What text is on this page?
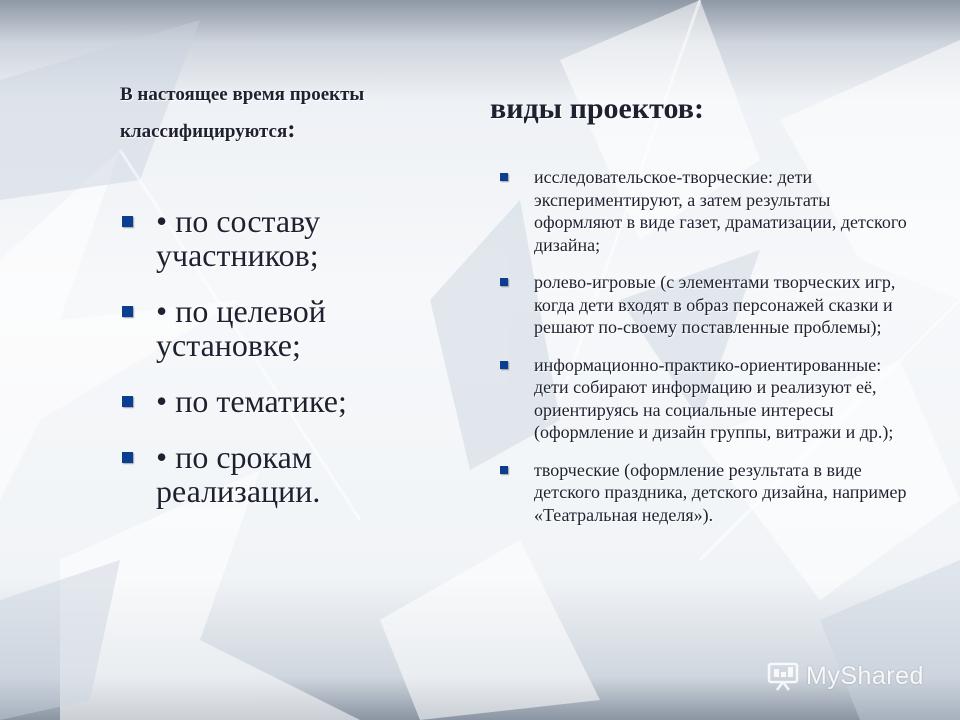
В настоящее время проекты классифицируются:
• по составу участников;
• по целевой установке;
• по тематике;
• по срокам реализации.
виды проектов:
исследовательское-творческие: дети экспериментируют, а затем результаты оформляют в виде газет, драматизации, детского дизайна;
ролево-игровые (с элементами творческих игр, когда дети входят в образ персонажей сказки и решают по-своему поставленные проблемы);
информационно-практико-ориентированные: дети собирают информацию и реализуют её, ориентируясь на социальные интересы (оформление и дизайн группы, витражи и др.);
творческие (оформление результата в виде детского праздника, детского дизайна, например «Театральная неделя»).
MyShared
